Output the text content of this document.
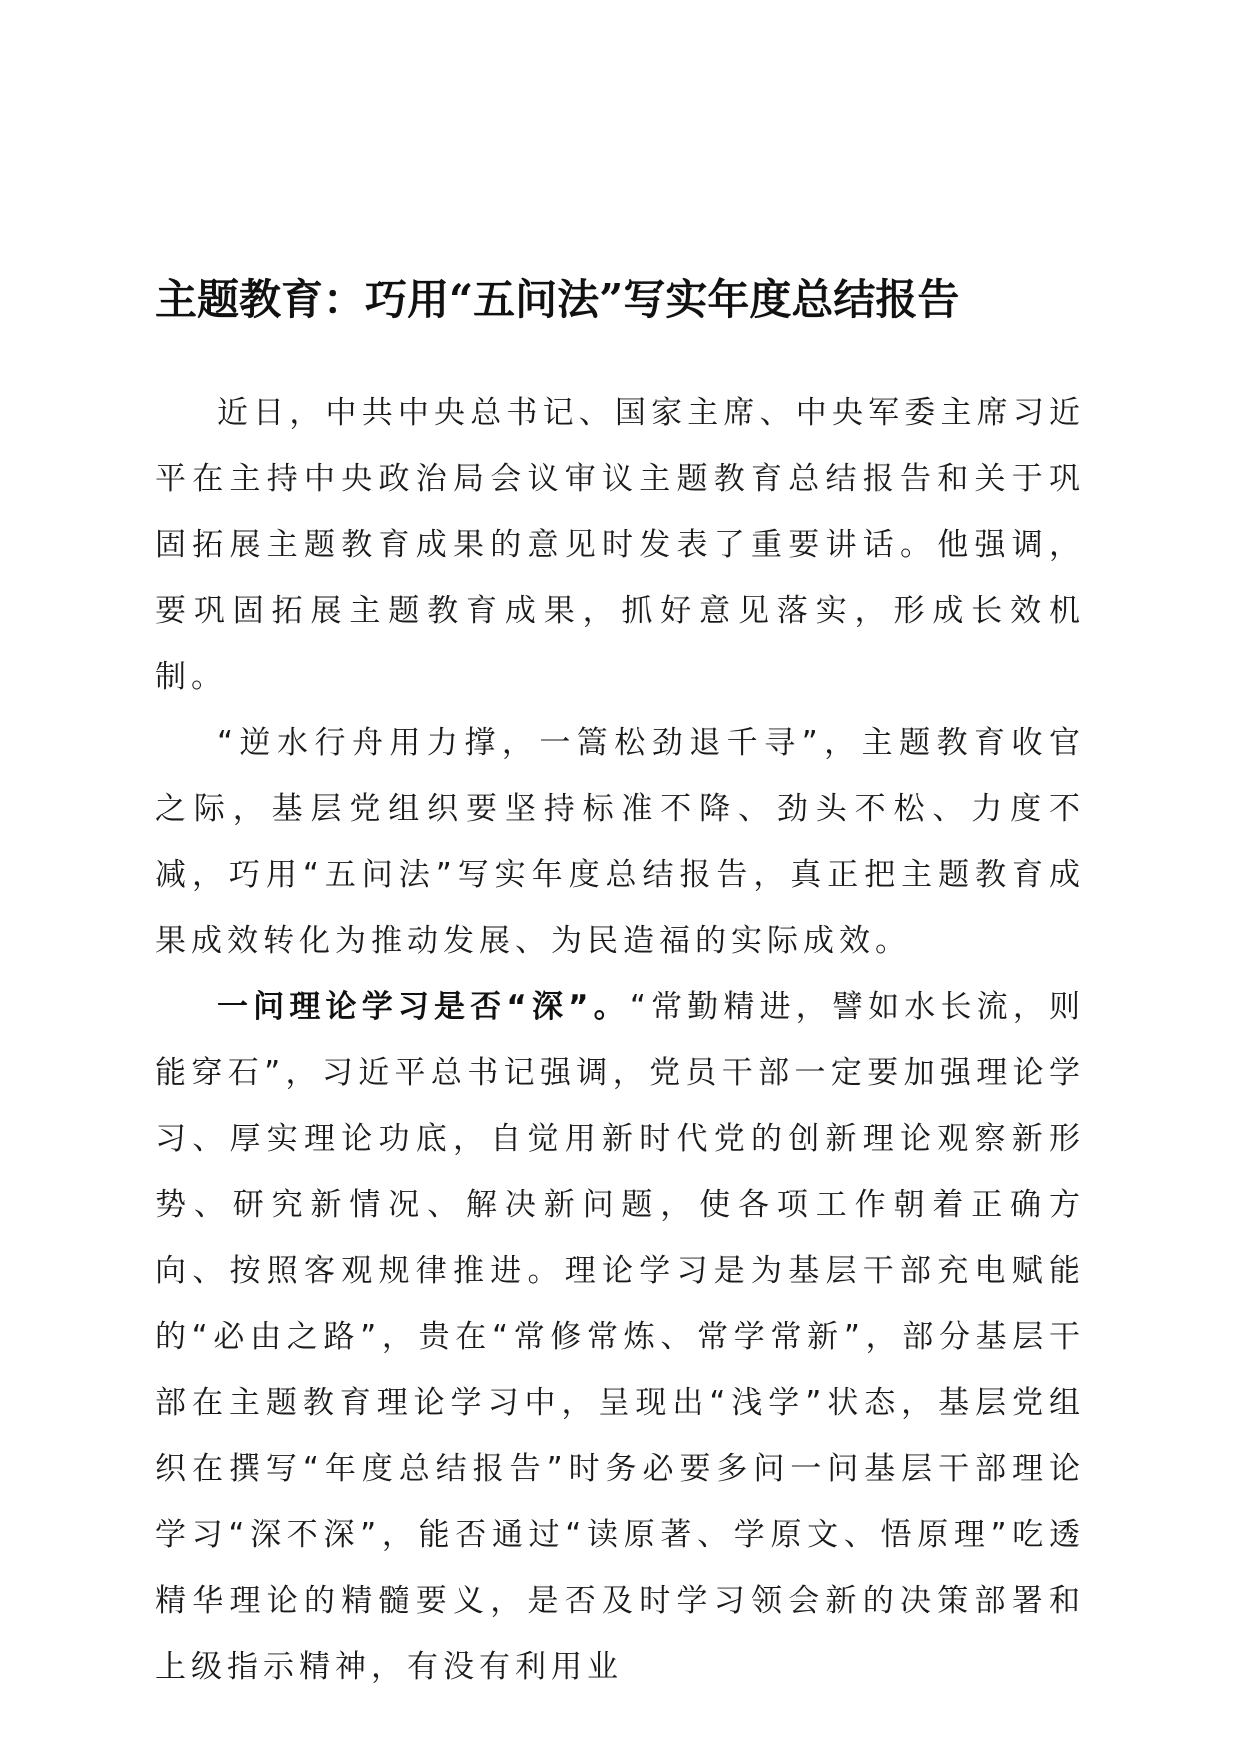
主题教育：巧用“五问法”写实年度总结报告

近日，中共中央总书记、国家主席、中央军委主席习近平在主持中央政治局会议审议主题教育总结报告和关于巩固拓展主题教育成果的意见时发表了重要讲话。他强调，要巩固拓展主题教育成果，抓好意见落实，形成长效机制。

“逆水行舟用力撑，一篙松劲退千寻”，主题教育收官之际，基层党组织要坚持标准不降、劲头不松、力度不减，巧用“五问法”写实年度总结报告，真正把主题教育成果成效转化为推动发展、为民造福的实际成效。

一问理论学习是否“深”。“常勤精进，譬如水长流，则能穿石”，习近平总书记强调，党员干部一定要加强理论学习、厚实理论功底，自觉用新时代党的创新理论观察新形势、研究新情况、解决新问题，使各项工作朝着正确方向、按照客观规律推进。理论学习是为基层干部充电赋能的“必由之路”，贵在“常修常炼、常学常新”，部分基层干部在主题教育理论学习中，呈现出“浅学”状态，基层党组织在撰写“年度总结报告”时务必要多问一问基层干部理论学习“深不深”，能否通过“读原著、学原文、悟原理”吃透精华理论的精髓要义，是否及时学习领会新的决策部署和上级指示精神，有没有利用业
